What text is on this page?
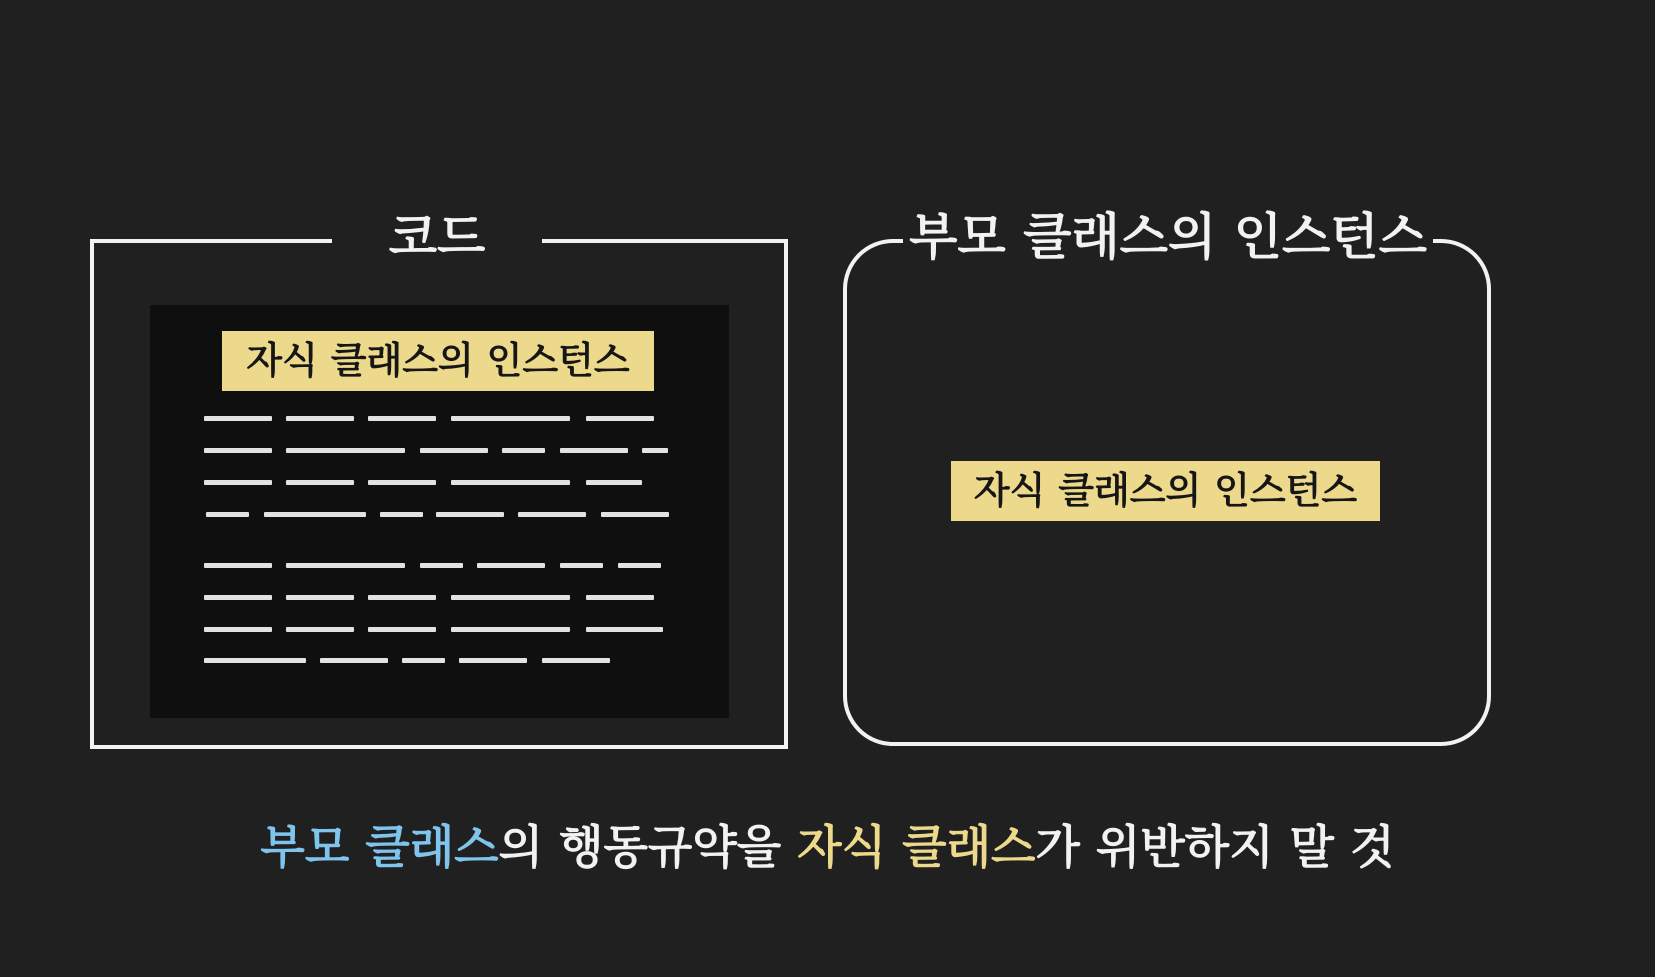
코드
자식 클래스의 인스턴스
부모 클래스의 인스턴스
자식 클래스의 인스턴스
부모 클래스의 행동규약을 자식 클래스가 위반하지 말 것
